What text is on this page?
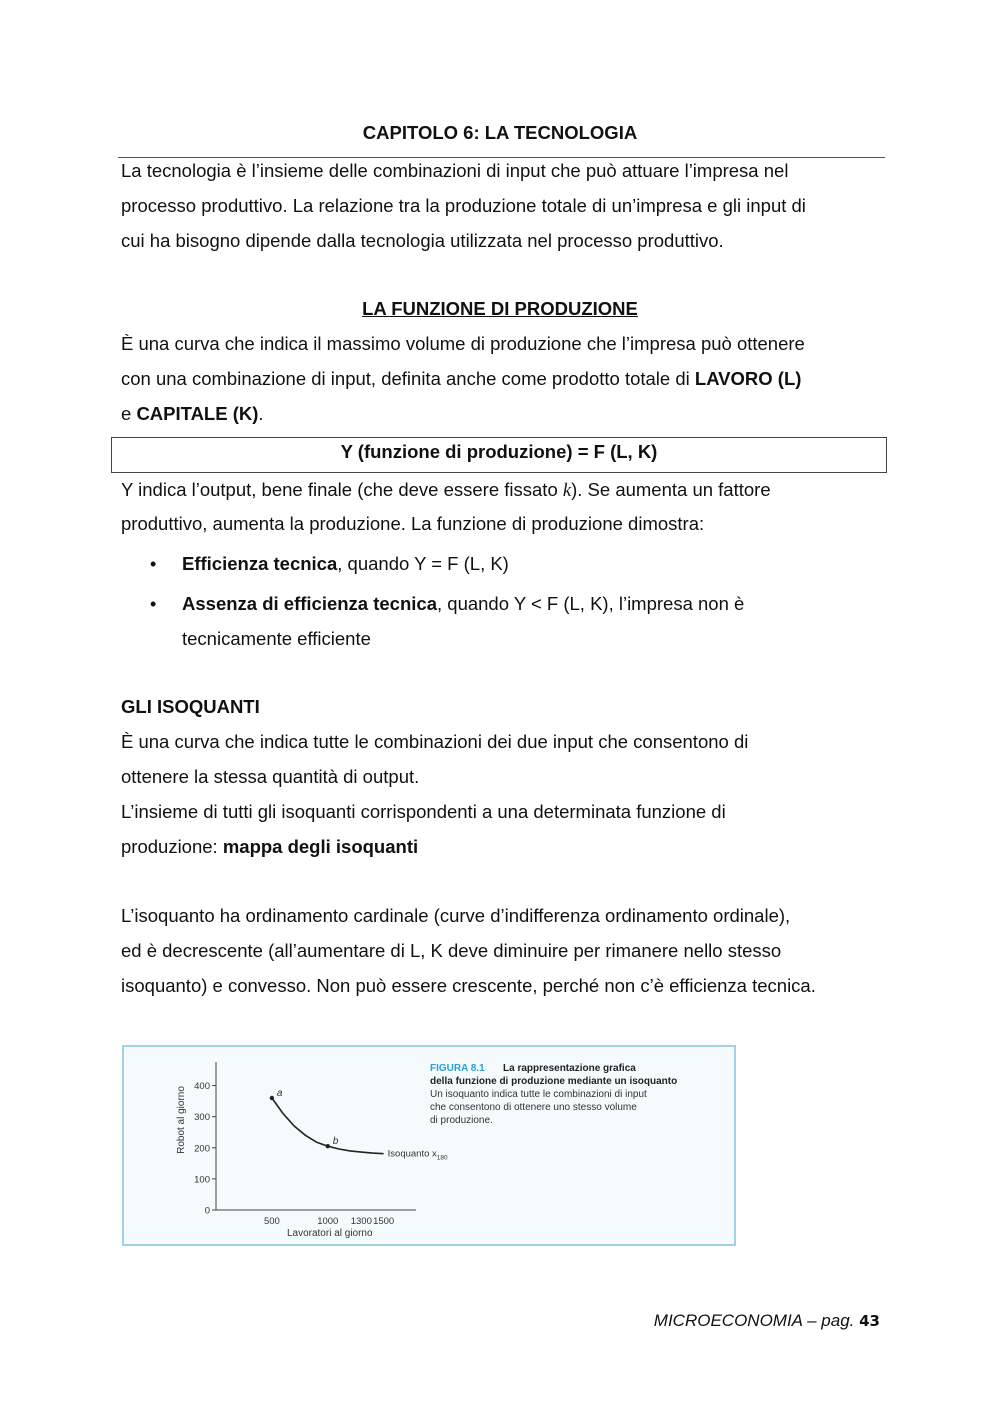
CAPITOLO 6: LA TECNOLOGIA
La tecnologia è l’insieme delle combinazioni di input che può attuare l’impresa nel
processo produttivo. La relazione tra la produzione totale di un’impresa e gli input di
cui ha bisogno dipende dalla tecnologia utilizzata nel processo produttivo.
LA FUNZIONE DI PRODUZIONE
È una curva che indica il massimo volume di produzione che l’impresa può ottenere
con una combinazione di input, definita anche come prodotto totale di LAVORO (L)
e CAPITALE (K).
Y (funzione di produzione) = F (L, K)
Y indica l’output, bene finale (che deve essere fissato k). Se aumenta un fattore
produttivo, aumenta la produzione. La funzione di produzione dimostra:
• Efficienza tecnica, quando Y = F (L, K)
• Assenza di efficienza tecnica, quando Y < F (L, K), l’impresa non è
tecnicamente efficiente
GLI ISOQUANTI
È una curva che indica tutte le combinazioni dei due input che consentono di
ottenere la stessa quantità di output.
L’insieme di tutti gli isoquanti corrispondenti a una determinata funzione di
produzione: mappa degli isoquanti
L’isoquanto ha ordinamento cardinale (curve d’indifferenza ordinamento ordinale),
ed è decrescente (all’aumentare di L, K deve diminuire per rimanere nello stesso
isoquanto) e convesso. Non può essere crescente, perché non c’è efficienza tecnica.
Robot al giorno
0
100
200
300
400
500	1000 1300 1500
a
b
Isoquanto $x_{180}$
Lavoratori al giorno
FIGURA 8.1 La rappresentazione grafica
della funzione di produzione mediante un isoquanto
Un isoquanto indica tutte le combinazioni di input
che consentono di ottenere uno stesso volume
di produzione.
MICROECONOMIA – pag. 43
